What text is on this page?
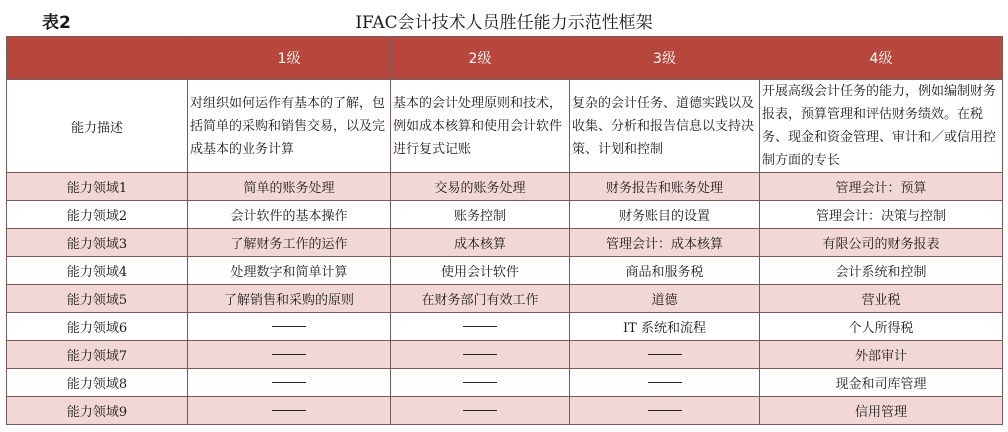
IFAC会计技术人员胜任能力示范性框架
表2
	1级	2级	3级	4级
能力描述	对组织如何运作有基本的了解，包括简单的采购和销售交易，以及完成基本的业务计算	基本的会计处理原则和技术，例如成本核算和使用会计软件进行复式记账	复杂的会计任务、道德实践以及收集、分析和报告信息以支持决策、计划和控制	开展高级会计任务的能力，例如编制财务报表，预算管理和评估财务绩效。在税务、现金和资金管理、审计和／或信用控制方面的专长
能力领域1	简单的账务处理	交易的账务处理	财务报告和账务处理	管理会计：预算
能力领域2	会计软件的基本操作	账务控制	财务账目的设置	管理会计：决策与控制
能力领域3	了解财务工作的运作	成本核算	管理会计：成本核算	有限公司的财务报表
能力领域4	处理数字和简单计算	使用会计软件	商品和服务税	会计系统和控制
能力领域5	了解销售和采购的原则	在财务部门有效工作	道德	营业税
能力领域6			IT 系统和流程	个人所得税
能力领域7				外部审计
能力领域8				现金和司库管理
能力领域9				信用管理
